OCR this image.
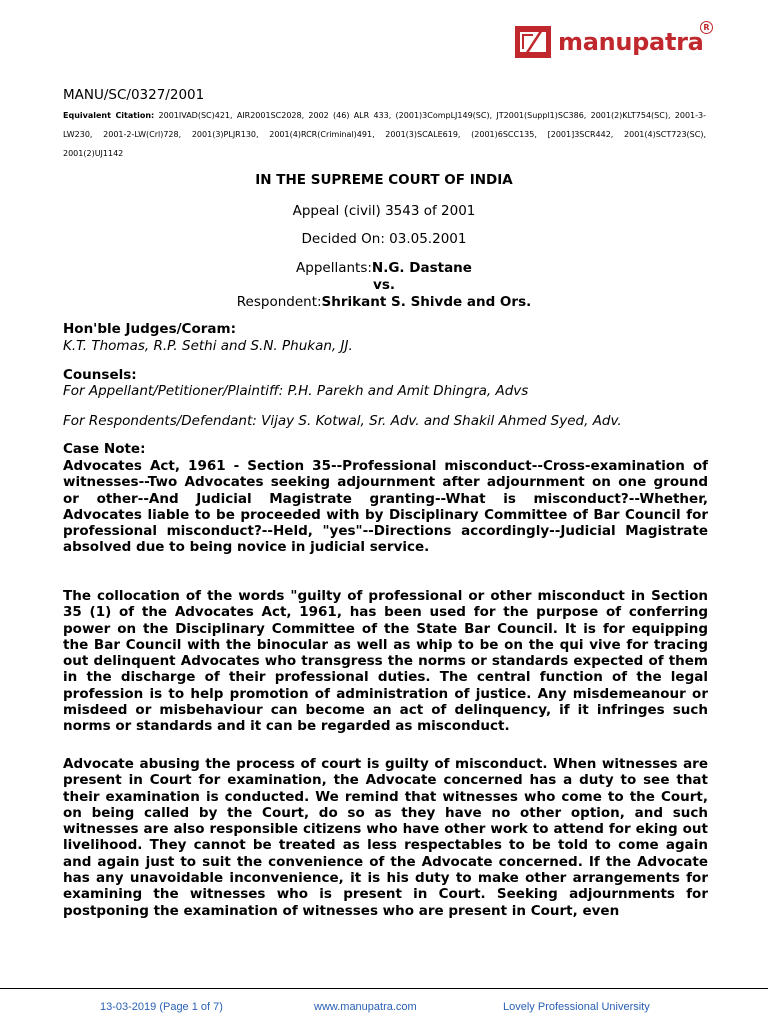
manupatra
R
MANU/SC/0327/2001
Equivalent Citation: 2001IVAD(SC)421, AIR2001SC2028, 2002 (46) ALR 433, (2001)3CompLJ149(SC), JT2001(Suppl1)SC386, 2001(2)KLT754(SC), 2001-3-LW230, 2001-2-LW(Crl)728, 2001(3)PLJR130, 2001(4)RCR(Criminal)491, 2001(3)SCALE619, (2001)6SCC135, [2001]3SCR442, 2001(4)SCT723(SC), 2001(2)UJ1142
IN THE SUPREME COURT OF INDIA
Appeal (civil) 3543 of 2001
Decided On: 03.05.2001
Appellants:N.G. Dastane
vs.
Respondent:Shrikant S. Shivde and Ors.
Hon'ble Judges/Coram:
K.T. Thomas, R.P. Sethi and S.N. Phukan, JJ.
Counsels:
For Appellant/Petitioner/Plaintiff: P.H. Parekh and Amit Dhingra, Advs
For Respondents/Defendant: Vijay S. Kotwal, Sr. Adv. and Shakil Ahmed Syed, Adv.
Case Note:
Advocates Act, 1961 - Section 35--Professional misconduct--Cross-examination of witnesses--Two Advocates seeking adjournment after adjournment on one ground or other--And Judicial Magistrate granting--What is misconduct?--Whether, Advocates liable to be proceeded with by Disciplinary Committee of Bar Council for professional misconduct?--Held, "yes"--Directions accordingly--Judicial Magistrate absolved due to being novice in judicial service.
The collocation of the words "guilty of professional or other misconduct in Section 35 (1) of the Advocates Act, 1961, has been used for the purpose of conferring power on the Disciplinary Committee of the State Bar Council. It is for equipping the Bar Council with the binocular as well as whip to be on the qui vive for tracing out delinquent Advocates who transgress the norms or standards expected of them in the discharge of their professional duties. The central function of the legal profession is to help promotion of administration of justice. Any misdemeanour or misdeed or misbehaviour can become an act of delinquency, if it infringes such norms or standards and it can be regarded as misconduct.
Advocate abusing the process of court is guilty of misconduct. When witnesses are present in Court for examination, the Advocate concerned has a duty to see that their examination is conducted. We remind that witnesses who come to the Court, on being called by the Court, do so as they have no other option, and such witnesses are also responsible citizens who have other work to attend for eking out livelihood. They cannot be treated as less respectables to be told to come again and again just to suit the convenience of the Advocate concerned. If the Advocate has any unavoidable inconvenience, it is his duty to make other arrangements for examining the witnesses who is present in Court. Seeking adjournments for postponing the examination of witnesses who are present in Court, even
13-03-2019 (Page 1 of 7)	www.manupatra.com	Lovely Professional University
